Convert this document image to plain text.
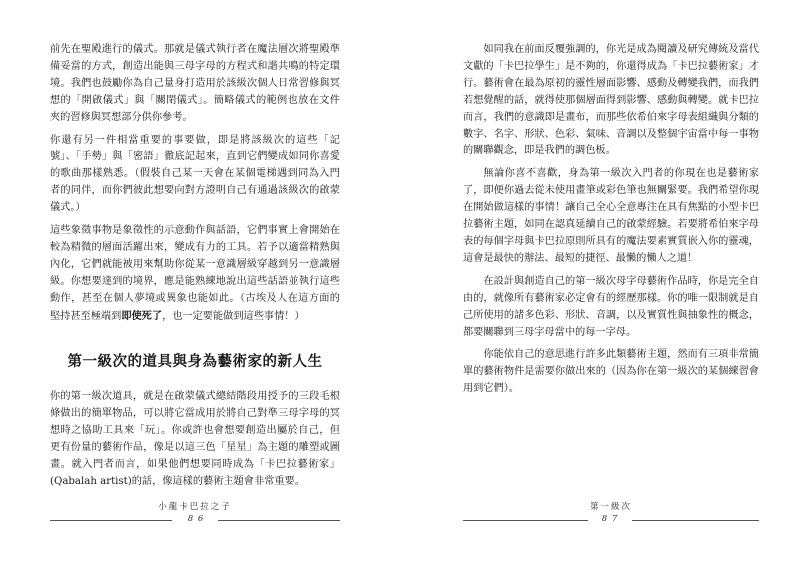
前先在聖殿進行的儀式。那就是儀式執行者在魔法層次將聖殿準備妥當的方式，創造出能與三母字母的方程式和諧共鳴的特定環境。我們也鼓勵你為自己量身打造用於該級次個人日常習修與冥想的「開啟儀式」與「關閉儀式」。簡略儀式的範例也放在文件夾的習修與冥想部分供你參考。

你還有另一件相當重要的事要做，即是將該級次的這些「記號」、「手勢」與「密語」徹底記起來，直到它們變成如同你喜愛的歌曲那樣熟悉。（假裝自己某一天會在某個電梯遇到同為入門者的同伴，而你們彼此想要向對方證明自己有通過該級次的啟蒙儀式。）

這些象徵事物是象徵性的示意動作與話語，它們事實上會開始在較為精微的層面活躍出來，變成有力的工具。若予以適當精熟與內化，它們就能被用來幫助你從某一意識層級穿越到另一意識層級。你想要達到的境界，應是能熟練地說出這些話語並執行這些動作，甚至在個人夢境或異象也能如此。（古埃及人在這方面的堅持甚至極端到即使死了，也一定要能做到這些事情！）

第一級次的道具與身為藝術家的新人生

你的第一級次道具，就是在啟蒙儀式總結階段用授予的三段毛根條做出的簡單物品，可以將它當成用於將自己對準三母字母的冥想時之協助工具來「玩」。你或許也會想要創造出屬於自己，但更有份量的藝術作品，像是以這三色「星星」為主題的雕塑或圖畫。就入門者而言，如果他們想要同時成為「卡巴拉藝術家」(Qabalah artist)的話，像這樣的藝術主題會非常重要。

小龍卡巴拉之子
8 6

如同我在前面反覆強調的，你光是成為閱讀及研究傳統及當代文獻的「卡巴拉學生」是不夠的，你還得成為「卡巴拉藝術家」才行。藝術會在最為原初的靈性層面影響、感動及轉變我們，而我們若想覺醒的話，就得使那個層面得到影響、感動與轉變。就卡巴拉而言，我們的意識即是畫布，而那些依希伯來字母表組織與分類的數字、名字、形狀、色彩、氣味、音調以及整個宇宙當中每一事物的關聯觀念，即是我們的調色板。

無論你喜不喜歡，身為第一級次入門者的你現在也是藝術家了，即便你過去從未使用畫筆或彩色筆也無關緊要。我們希望你現在開始做這樣的事情！讓自己全心全意專注在具有焦點的小型卡巴拉藝術主題，如同在認真延續自己的啟蒙經驗。若要將希伯來字母表的每個字母與卡巴拉原則所具有的魔法要素實質嵌入你的靈魂，這會是最快的辦法、最短的捷徑、最懶的懶人之道！

在設計與創造自己的第一級次母字母藝術作品時，你是完全自由的，就像所有藝術家必定會有的經歷那樣。你的唯一限制就是自己所使用的諸多色彩、形狀、音調，以及實質性與抽象性的概念，都要關聯到三母字母當中的每一字母。

你能依自己的意思進行許多此類藝術主題，然而有三項非常簡單的藝術物件是需要你做出來的（因為你在第一級次的某個練習會用到它們）。

第一級次
8 7
